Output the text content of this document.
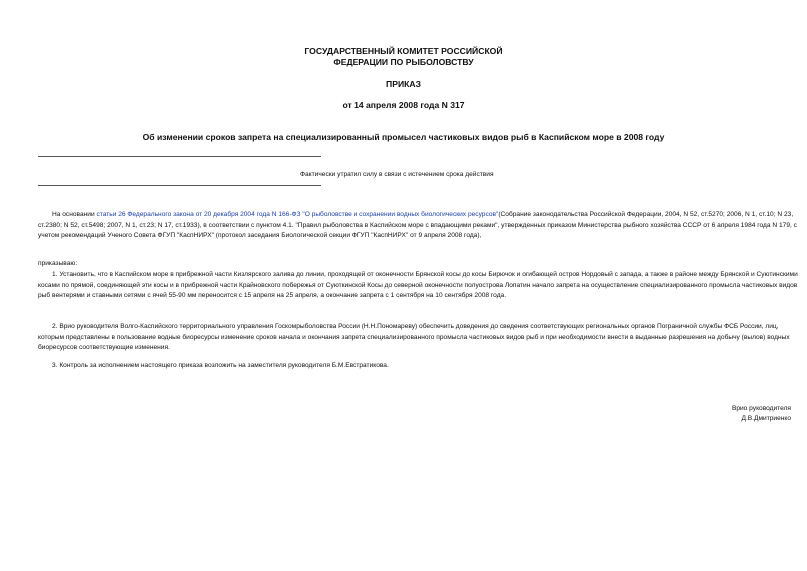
ГОСУДАРСТВЕННЫЙ КОМИТЕТ РОССИЙСКОЙ
ФЕДЕРАЦИИ ПО РЫБОЛОВСТВУ
ПРИКАЗ
от 14 апреля 2008 года N 317
Об изменении сроков запрета на специализированный промысел частиковых видов рыб в Каспийском море в 2008 году
Фактически утратил силу в связи с истечением срока действия

На основании статьи 26 Федерального закона от 20 декабря 2004 года N 166-ФЗ "О рыболовстве и сохранении водных биологических ресурсов"(Собрание законодательства Российской Федерации, 2004, N 52, ст.5270; 2006, N 1, ст.10; N 23, ст.2380; N 52, ст.5498; 2007, N 1, ст.23; N 17, ст.1933), в соответствии с пунктом 4.1. "Правил рыболовства в Каспийском море с впадающими реками", утвержденных приказом Министерства рыбного хозяйства СССР от 6 апреля 1984 года N 179, с учетом рекомендаций Ученого Совета ФГУП "КаспНИРХ" (протокол заседания Биологической секции ФГУП "КаспНИРХ" от 9 апреля 2008 года),

приказываю:

1. Установить, что в Каспийском море в прибрежной части Кизлярского залива до линии, проходящей от оконечности Брянской косы до косы Бирючок и огибающей остров Нордовый с запада, а также в районе между Брянской и Суютинскими косами по прямой, соединяющей эти косы и в прибрежной части Крайновского побережья от Суюткинской Косы до северной оконечности полуострова Лопатин начало запрета на осуществление специализированного промысла частиковых видов рыб вентерями и ставными сетями с ячей 55-90 мм переносится с 15 апреля на 25 апреля, а окончание запрета с 1 сентября на 10 сентября 2008 года.

2. Врио руководителя Волго-Каспийского территориального управления Госкомрыболовства России (Н.Н.Пономареву) обеспечить доведения до сведения соответствующих региональных органов Пограничной службы ФСБ России, лиц, которым представлены в пользование водные биоресурсы изменение сроков начала и окончания запрета специализированного промысла частиковых видов рыб и при необходимости внести в выданные разрешения на добычу (вылов) водных биоресурсов соответствующие изменения.

3. Контроль за исполнением настоящего приказа возложить на заместителя руководителя Б.М.Евстратикова.

Врио руководителя
Д.В.Дмитриенко
